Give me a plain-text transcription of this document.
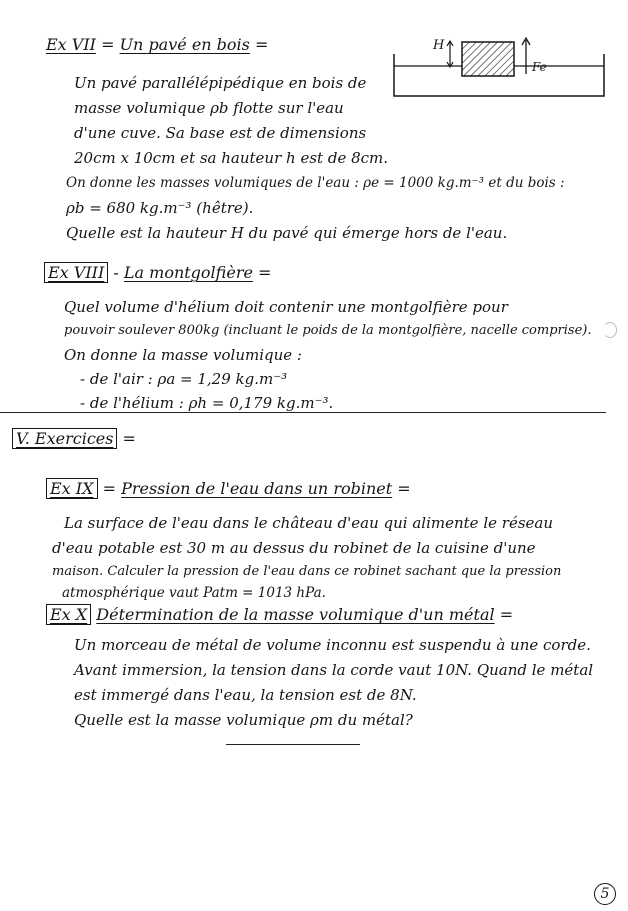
Ex VII = Un pavé en bois =	H
Fe
Un pavé parallélépipédique en bois de
masse volumique ρb flotte sur l'eau
d'une cuve. Sa base est de dimensions
20cm x 10cm et sa hauteur h est de 8cm.
On donne les masses volumiques de l'eau : ρe = 1000 kg.m⁻³ et du bois :
ρb = 680 kg.m⁻³ (hêtre).
Quelle est la hauteur H du pavé qui émerge hors de l'eau.
Ex VIII - La montgolfière =
Quel volume d'hélium doit contenir une montgolfière pour
pouvoir soulever 800kg (incluant le poids de la montgolfière, nacelle comprise).
On donne la masse volumique :
- de l'air : ρa = 1,29 kg.m⁻³
- de l'hélium : ρh = 0,179 kg.m⁻³.
V. Exercices =
Ex IX = Pression de l'eau dans un robinet =
La surface de l'eau dans le château d'eau qui alimente le réseau
d'eau potable est 30 m au dessus du robinet de la cuisine d'une
maison. Calculer la pression de l'eau dans ce robinet sachant que la pression
atmosphérique vaut Patm = 1013 hPa.
Ex X Détermination de la masse volumique d'un métal =
Un morceau de métal de volume inconnu est suspendu à une corde.
Avant immersion, la tension dans la corde vaut 10N. Quand le métal
est immergé dans l'eau, la tension est de 8N.
Quelle est la masse volumique ρm du métal?
5
